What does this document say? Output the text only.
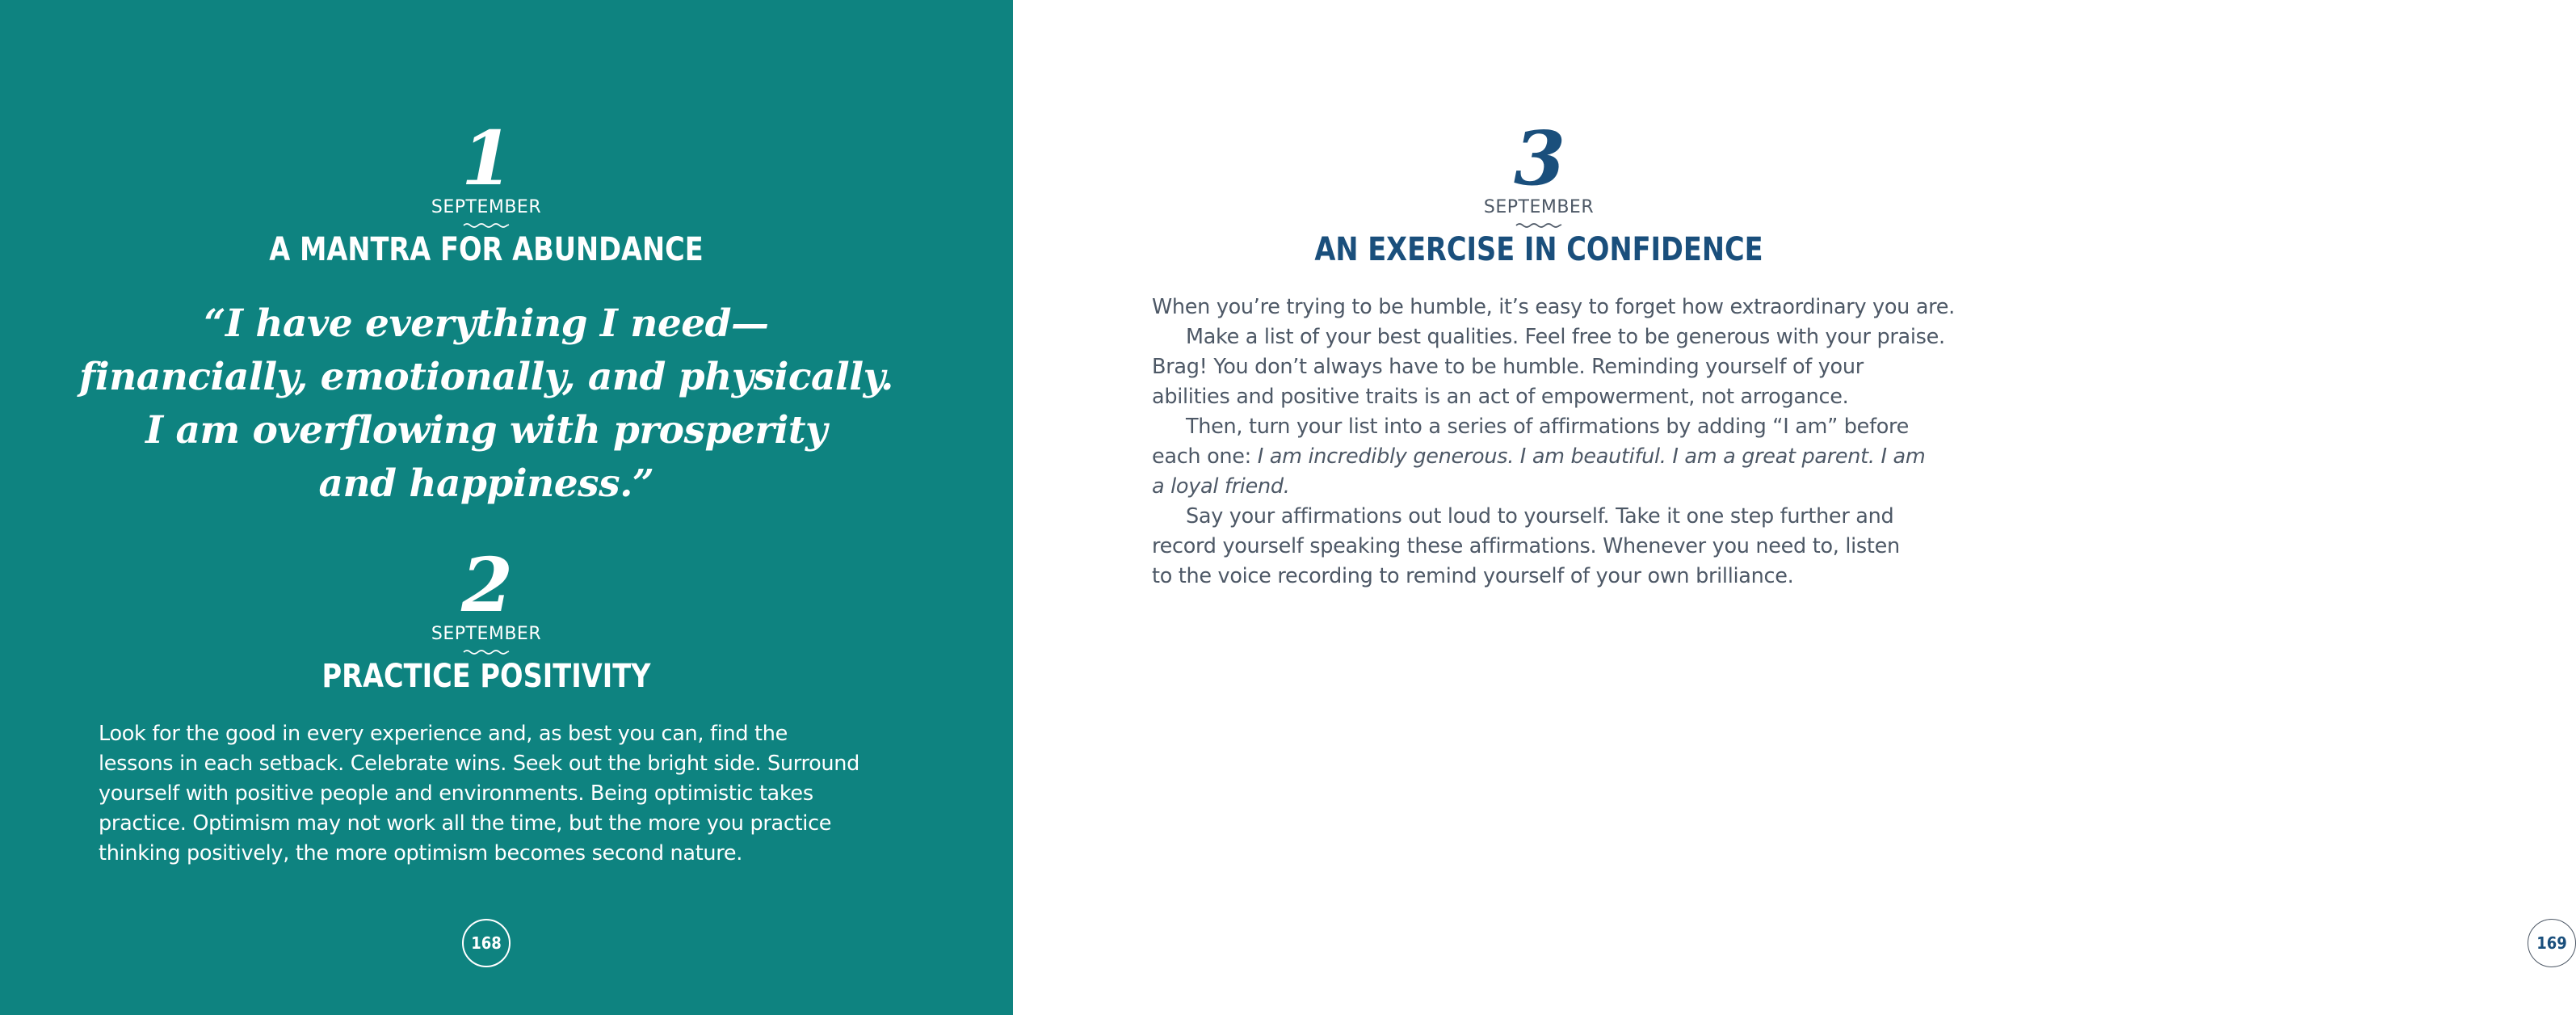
1
SEPTEMBER
A MANTRA FOR ABUNDANCE
“I have everything I need—
financially, emotionally, and physically.
I am overflowing with prosperity
and happiness.”
2
SEPTEMBER
PRACTICE POSITIVITY

Look for the good in every experience and, as best you can, find the

lessons in each setback. Celebrate wins. Seek out the bright side. Surround

yourself with positive people and environments. Being optimistic takes

practice. Optimism may not work all the time, but the more you practice

thinking positively, the more optimism becomes second nature.

168
3
SEPTEMBER
AN EXERCISE IN CONFIDENCE

When you’re trying to be humble, it’s easy to forget how extraordinary you are.

Make a list of your best qualities. Feel free to be generous with your praise.

Brag! You don’t always have to be humble. Reminding yourself of your

abilities and positive traits is an act of empowerment, not arrogance.

Then, turn your list into a series of affirmations by adding “I am” before

each one: I am incredibly generous. I am beautiful. I am a great parent. I am

a loyal friend.

Say your affirmations out loud to yourself. Take it one step further and

record yourself speaking these affirmations. Whenever you need to, listen

to the voice recording to remind yourself of your own brilliance.

169
